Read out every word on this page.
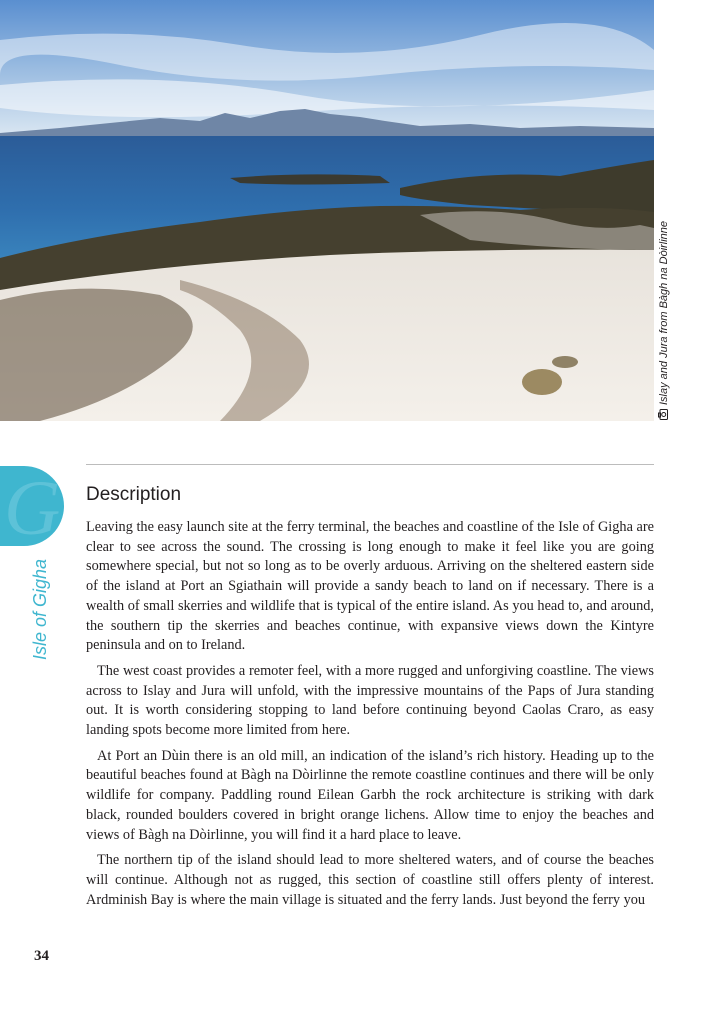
Islay and Jura from Bàgh na Dòirlinne
G 4
Isle of Gigha
Description

Leaving the easy launch site at the ferry terminal, the beaches and coastline of the Isle of Gigha are clear to see across the sound. The crossing is long enough to make it feel like you are going somewhere special, but not so long as to be overly arduous. Arriving on the sheltered eastern side of the island at Port an Sgiathain will provide a sandy beach to land on if necessary. There is a wealth of small skerries and wildlife that is typical of the entire island. As you head to, and around, the southern tip the skerries and beaches continue, with expansive views down the Kintyre peninsula and on to Ireland.

The west coast provides a remoter feel, with a more rugged and unforgiving coastline. The views across to Islay and Jura will unfold, with the impressive mountains of the Paps of Jura standing out. It is worth considering stopping to land before continuing beyond Caolas Craro, as easy landing spots become more limited from here.

At Port an Dùin there is an old mill, an indication of the island’s rich history. Heading up to the beautiful beaches found at Bàgh na Dòirlinne the remote coastline continues and there will be only wildlife for company. Paddling round Eilean Garbh the rock architecture is striking with dark black, rounded boulders covered in bright orange lichens. Allow time to enjoy the beaches and views of Bàgh na Dòirlinne, you will find it a hard place to leave.

The northern tip of the island should lead to more sheltered waters, and of course the beaches will continue. Although not as rugged, this section of coastline still offers plenty of interest. Ardminish Bay is where the main village is situated and the ferry lands. Just beyond the ferry you

34
